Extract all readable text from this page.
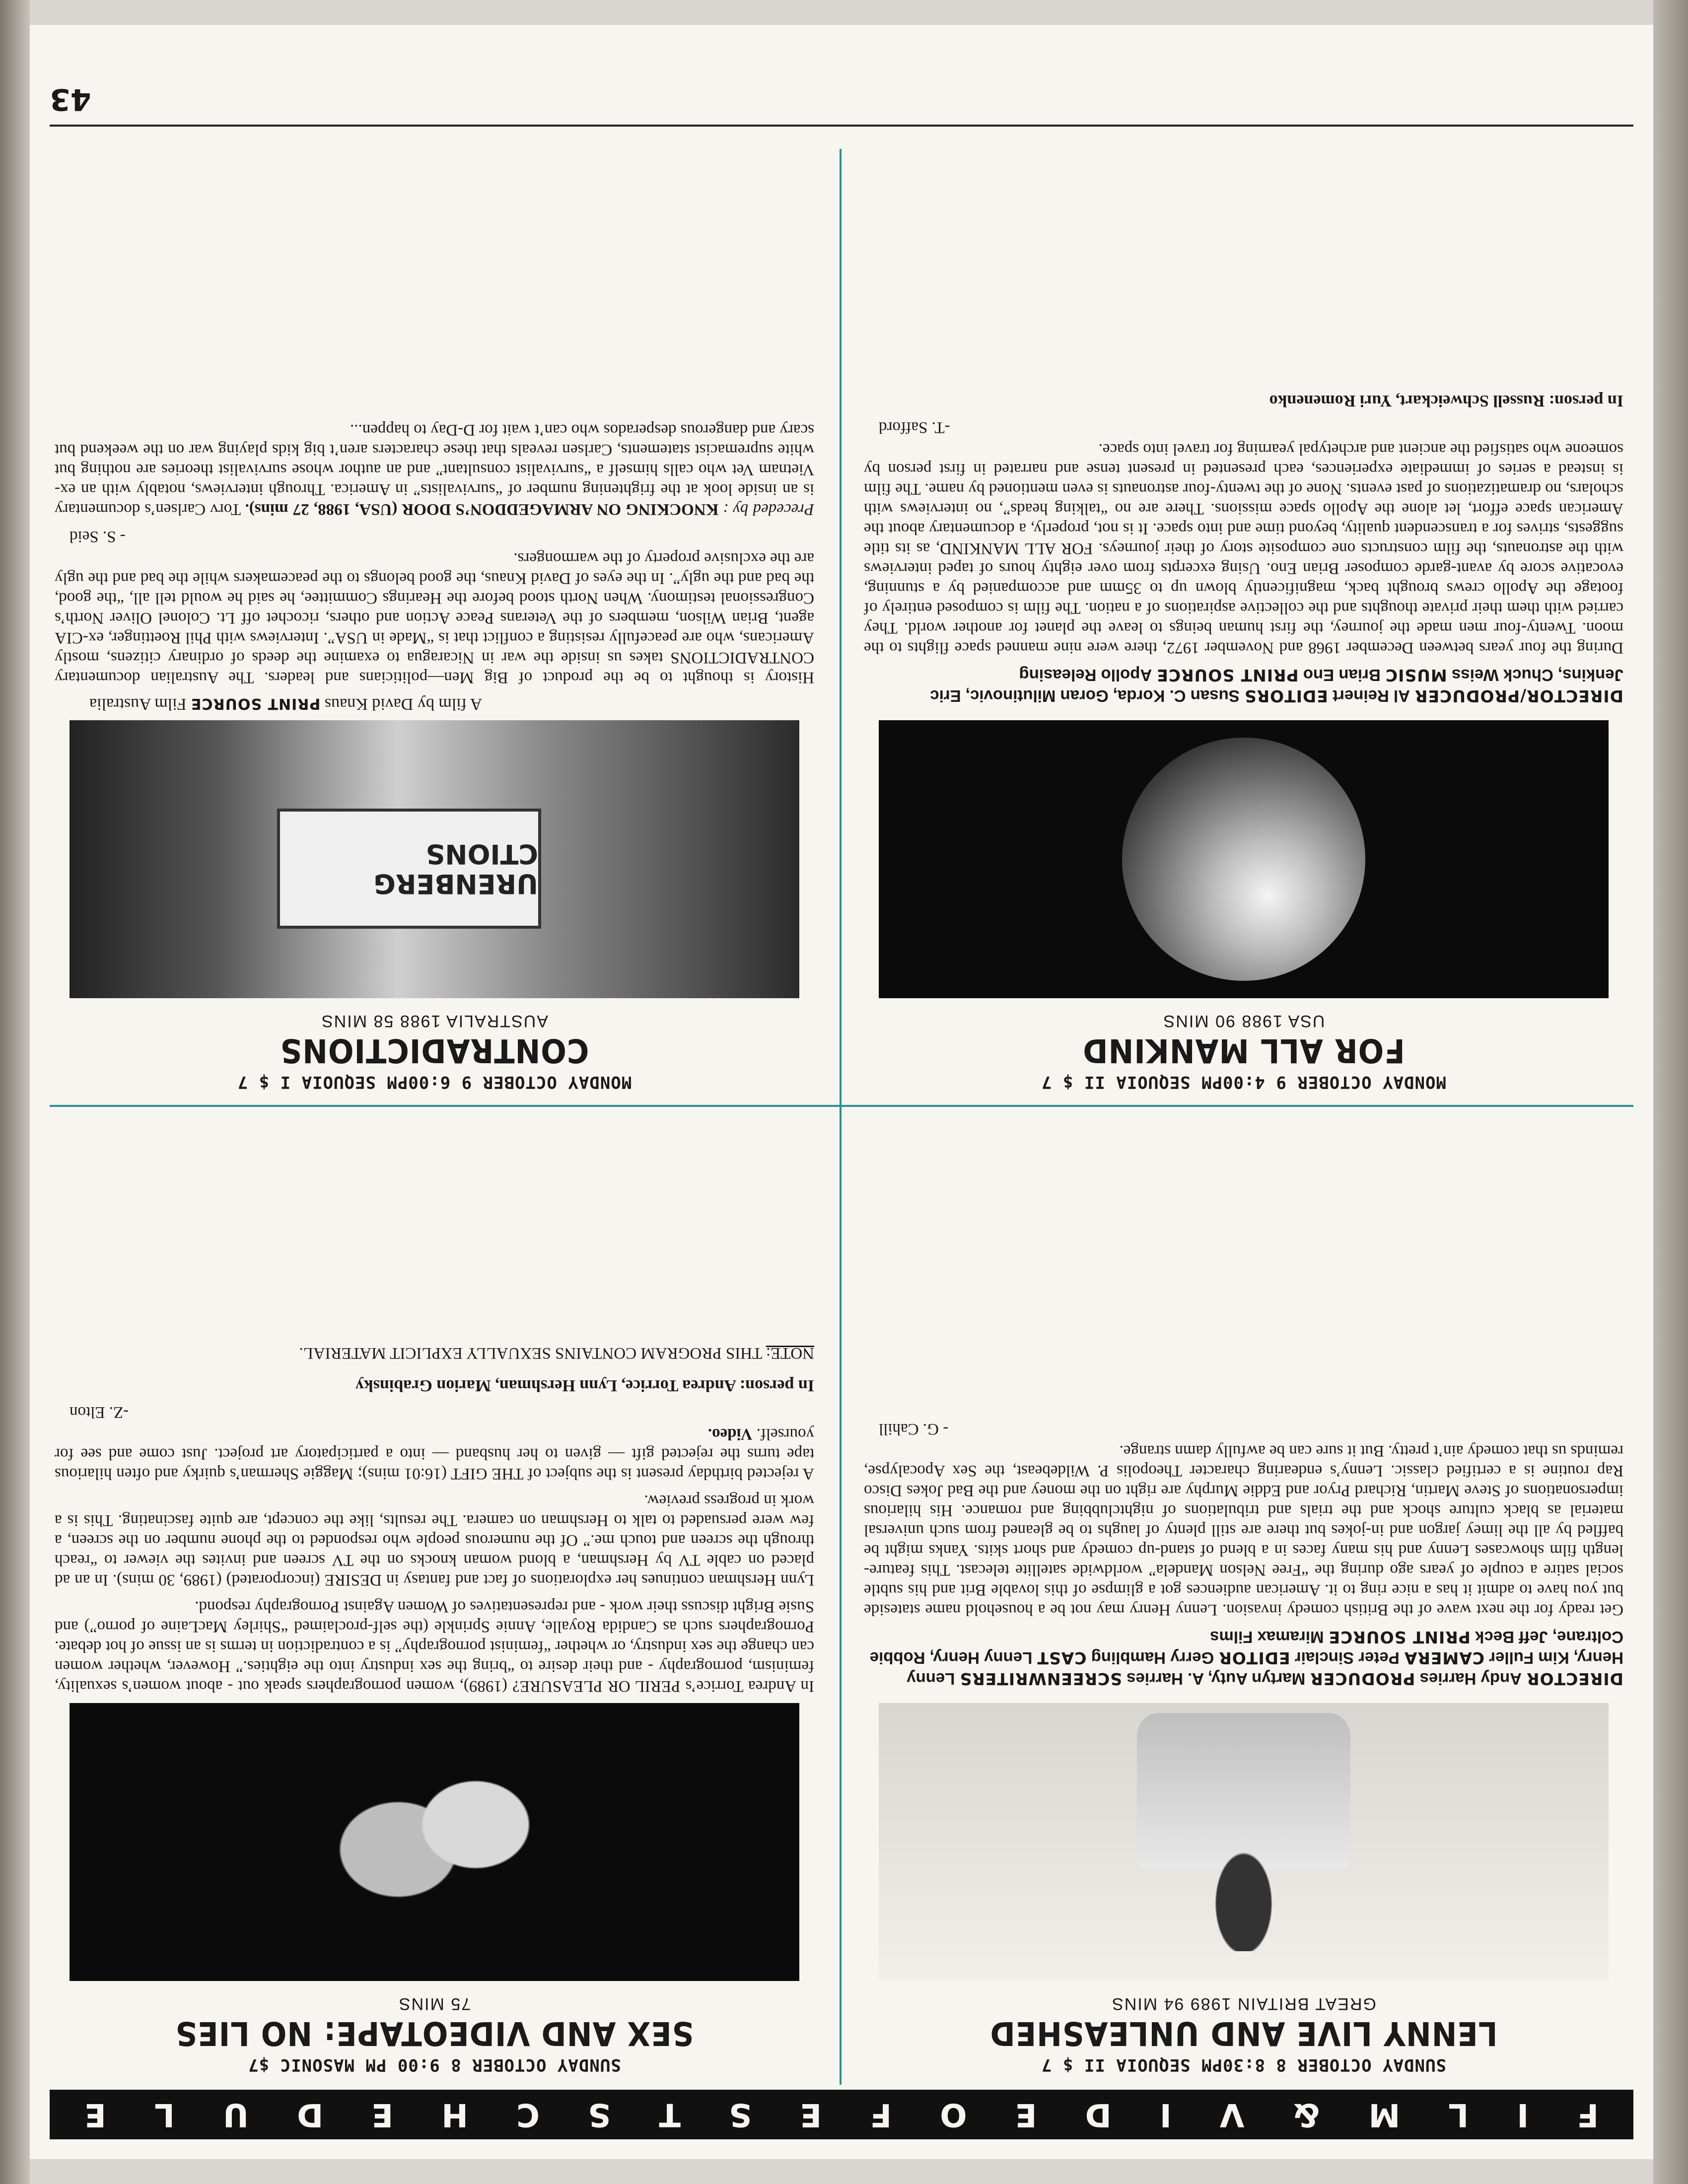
F
I
L
M
&
V
I
D
E
O
F
E
S
T
S
C
H
E
D
U
L
E
SUNDAY OCTOBER 8 8:30PM SEQUOIA II $ 7
LENNY LIVE AND UNLEASHED
GREAT BRITAIN 1989 94 MINS
DIRECTOR Andy Harries PRODUCER Martyn Auty, A. Harries SCREENWRITERS Lenny Henry, Kim Fuller CAMERA Peter Sinclair EDITOR Gerry Hambling CAST Lenny Henry, Robbie Coltrane, Jeff Beck PRINT SOURCE Miramax Films

Get ready for the next wave of the British comedy invasion. Lenny Henry may not be a household name stateside but you have to admit it has a nice ring to it. American audiences got a glimpse of this lovable Brit and his subtle social satire a couple of years ago during the “Free Nelson Mandela” worldwide satellite telecast. This feature-length film showcases Lenny and his many faces in a blend of stand-up comedy and short skits. Yanks might be baffled by all the limey jargon and in-jokes but there are still plenty of laughs to be gleaned from such universal material as black culture shock and the trials and tribulations of nightclubbing and romance. His hilarious impersonations of Steve Martin, Richard Pryor and Eddie Murphy are right on the money and the Bad Jokes Disco Rap routine is a certified classic. Lenny’s endearing character Theopolis P. Wildebeast, the Sex Apocalypse, reminds us that comedy ain’t pretty. But it sure can be awfully damn strange.

- G. Cahill
SUNDAY OCTOBER 8 9:00 PM MASONIC $7
SEX AND VIDEOTAPE: NO LIES
75 MINS

In Andrea Torrice’s PERIL OR PLEASURE? (1989), women pornographers speak out - about women’s sexuality, feminism, pornography - and their desire to “bring the sex industry into the eighties.” However, whether women can change the sex industry, or whether “feminist pornography” is a contradiction in terms is an issue of hot debate. Pornographers such as Candida Royalle, Annie Sprinkle (the self-proclaimed “Shirley MacLaine of porno”) and Susie Bright discuss their work - and representatives of Women Against Pornography respond.

Lynn Hershman continues her explorations of fact and fantasy in DESIRE (incorporated) (1989, 30 mins). In an ad placed on cable TV by Hershman, a blond woman knocks on the TV screen and invites the viewer to “reach through the screen and touch me.” Of the numerous people who responded to the phone number on the screen, a few were persuaded to talk to Hershman on camera. The results, like the concept, are quite fascinating. This is a work in progress preview.

A rejected birthday present is the subject of THE GIFT (16:01 mins); Maggie Sherman’s quirky and often hilarious tape turns the rejected gift — given to her husband — into a participatory art project. Just come and see for yourself. Video.

-Z. Elton
In person: Andrea Torrice, Lynn Hershman, Marion Grabinsky
NOTE: THIS PROGRAM CONTAINS SEXUALLY EXPLICIT MATERIAL.
MONDAY OCTOBER 9 4:00PM SEQUOIA II $ 7
FOR ALL MANKIND
USA 1988 90 MINS
DIRECTOR/PRODUCER Al Reinert EDITORS Susan C. Korda, Goran Milutinovic, Eric Jenkins, Chuck Weiss MUSIC Brian Eno PRINT SOURCE Apollo Releasing

During the four years between December 1968 and November 1972, there were nine manned space flights to the moon. Twenty-four men made the journey, the first human beings to leave the planet for another world. They carried with them their private thoughts and the collective aspirations of a nation. The film is composed entirely of footage the Apollo crews brought back, magnificently blown up to 35mm and accompanied by a stunning, evocative score by avant-garde composer Brian Eno. Using excerpts from over eighty hours of taped interviews with the astronauts, the film constructs one composite story of their journeys. FOR ALL MANKIND, as its title suggests, strives for a transcendent quality, beyond time and into space. It is not, properly, a documentary about the American space effort, let alone the Apollo space missions. There are no “talking heads”, no interviews with scholars, no dramatizations of past events. None of the twenty-four astronauts is even mentioned by name. The film is instead a series of immediate experiences, each presented in present tense and narrated in first person by someone who satisfied the ancient and archetypal yearning for travel into space.

-T. Safford
In person: Russell Schweickart, Yuri Romenenko
MONDAY OCTOBER 9 6:00PM SEQUOIA I $ 7
CONTRADICTIONS
AUSTRALIA 1988 58 MINS
URENBERG CTIONS
A film by David Knaus PRINT SOURCE Film Australia

History is thought to be the product of Big Men—politicians and leaders. The Australian documentary CONTRADICTIONS takes us inside the war in Nicaragua to examine the deeds of ordinary citizens, mostly Americans, who are peacefully resisting a conflict that is “Made in USA”. Interviews with Phil Roettinger, ex-CIA agent, Brian Wilson, members of the Veterans Peace Action and others, ricochet off Lt. Colonel Oliver North’s Congressional testimony. When North stood before the Hearings Committee, he said he would tell all, “the good, the bad and the ugly”. In the eyes of David Knaus, the good belongs to the peacemakers while the bad and the ugly are the exclusive property of the warmongers.

- S. Seid

Preceded by : KNOCKING ON ARMAGEDDON’S DOOR (USA, 1988, 27 mins). Torv Carlsen’s documentary is an inside look at the frightening number of “survivalists” in America. Through interviews, notably with an ex-Vietnam Vet who calls himself a “survivalist consultant” and an author whose survivalist theories are nothing but white supremacist statements, Carlsen reveals that these characters aren’t big kids playing war on the weekend but scary and dangerous desperados who can’t wait for D-Day to happen...

43
